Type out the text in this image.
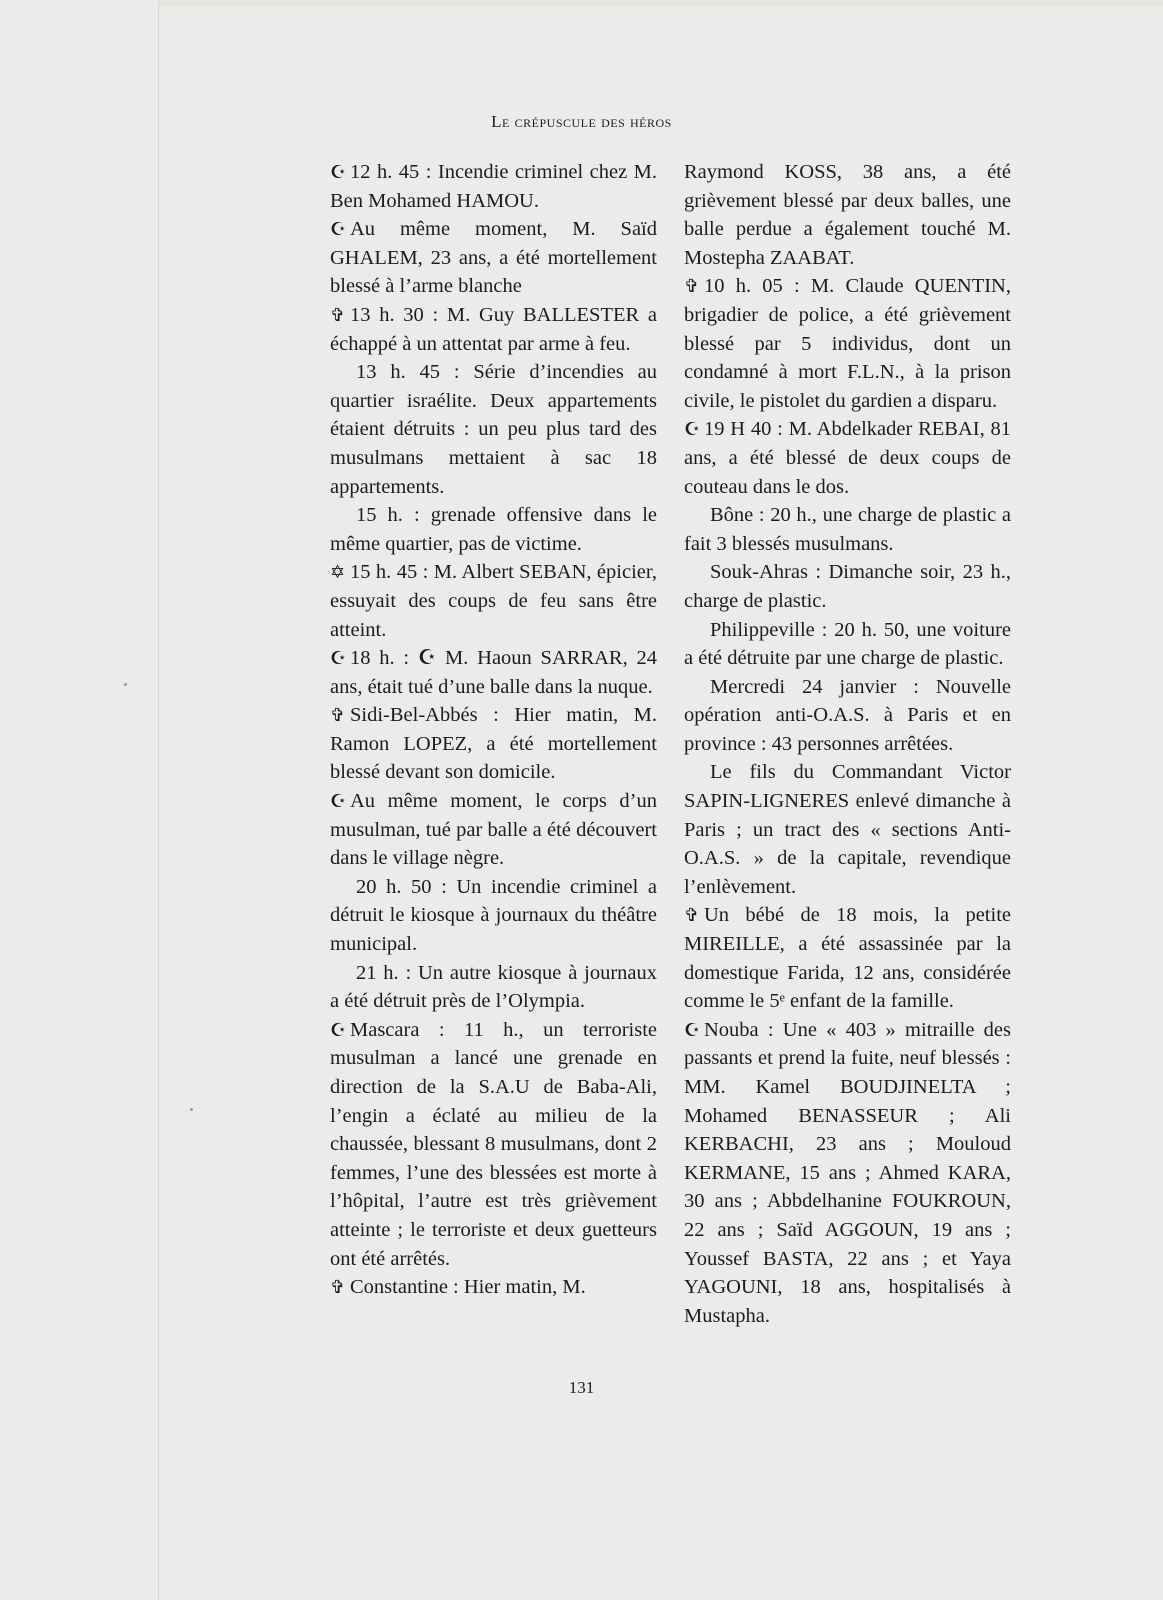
Le crépuscule des héros

☪ 12 h. 45 : Incendie criminel chez M. Ben Mohamed HAMOU.

☪ Au même moment, M. Saïd GHALEM, 23 ans, a été mortellement blessé à l’arme blanche

✞ 13 h. 30 : M. Guy BALLESTER a échappé à un attentat par arme à feu.

13 h. 45 : Série d’incendies au quartier israélite. Deux appartements étaient détruits : un peu plus tard des musulmans mettaient à sac 18 appartements.

15 h. : grenade offensive dans le même quartier, pas de victime.

✡ 15 h. 45 : M. Albert SEBAN, épicier, essuyait des coups de feu sans être atteint.

☪ 18 h. : ☪ M. Haoun SARRAR, 24 ans, était tué d’une balle dans la nuque.

✞ Sidi-Bel-Abbés : Hier matin, M. Ramon LOPEZ, a été mortellement blessé devant son domicile.

☪ Au même moment, le corps d’un musulman, tué par balle a été découvert dans le village nègre.

20 h. 50 : Un incendie criminel a détruit le kiosque à journaux du théâtre municipal.

21 h. : Un autre kiosque à journaux a été détruit près de l’Olympia.

☪ Mascara : 11 h., un terroriste musulman a lancé une grenade en direction de la S.A.U de Baba-Ali, l’engin a éclaté au milieu de la chaussée, blessant 8 musulmans, dont 2 femmes, l’une des blessées est morte à l’hôpital, l’autre est très grièvement atteinte ; le terroriste et deux guetteurs ont été arrêtés.

✞ Constantine : Hier matin, M.

Raymond KOSS, 38 ans, a été grièvement blessé par deux balles, une balle perdue a également touché M. Mostepha ZAABAT.

✞ 10 h. 05 : M. Claude QUENTIN, brigadier de police, a été grièvement blessé par 5 individus, dont un condamné à mort F.L.N., à la prison civile, le pistolet du gardien a disparu.

☪ 19 H 40 : M. Abdelkader REBAI, 81 ans, a été blessé de deux coups de couteau dans le dos.

Bône : 20 h., une charge de plastic a fait 3 blessés musulmans.

Souk-Ahras : Dimanche soir, 23 h., charge de plastic.

Philippeville : 20 h. 50, une voiture a été détruite par une charge de plastic.

Mercredi 24 janvier : Nouvelle opération anti-O.A.S. à Paris et en province : 43 personnes arrêtées.

Le fils du Commandant Victor SAPIN-LIGNERES enlevé dimanche à Paris ; un tract des « sections Anti-O.A.S. » de la capitale, revendique l’enlèvement.

✞ Un bébé de 18 mois, la petite MIREILLE, a été assassinée par la domestique Farida, 12 ans, considérée comme le 5ᵉ enfant de la famille.

☪ Nouba : Une « 403 » mitraille des passants et prend la fuite, neuf blessés : MM. Kamel BOUDJINELTA ; Mohamed BENASSEUR ; Ali KERBACHI, 23 ans ; Mouloud KERMANE, 15 ans ; Ahmed KARA, 30 ans ; Abbdelhanine FOUKROUN, 22 ans ; Saïd AGGOUN, 19 ans ; Youssef BASTA, 22 ans ; et Yaya YAGOUNI, 18 ans, hospitalisés à Mustapha.

131
